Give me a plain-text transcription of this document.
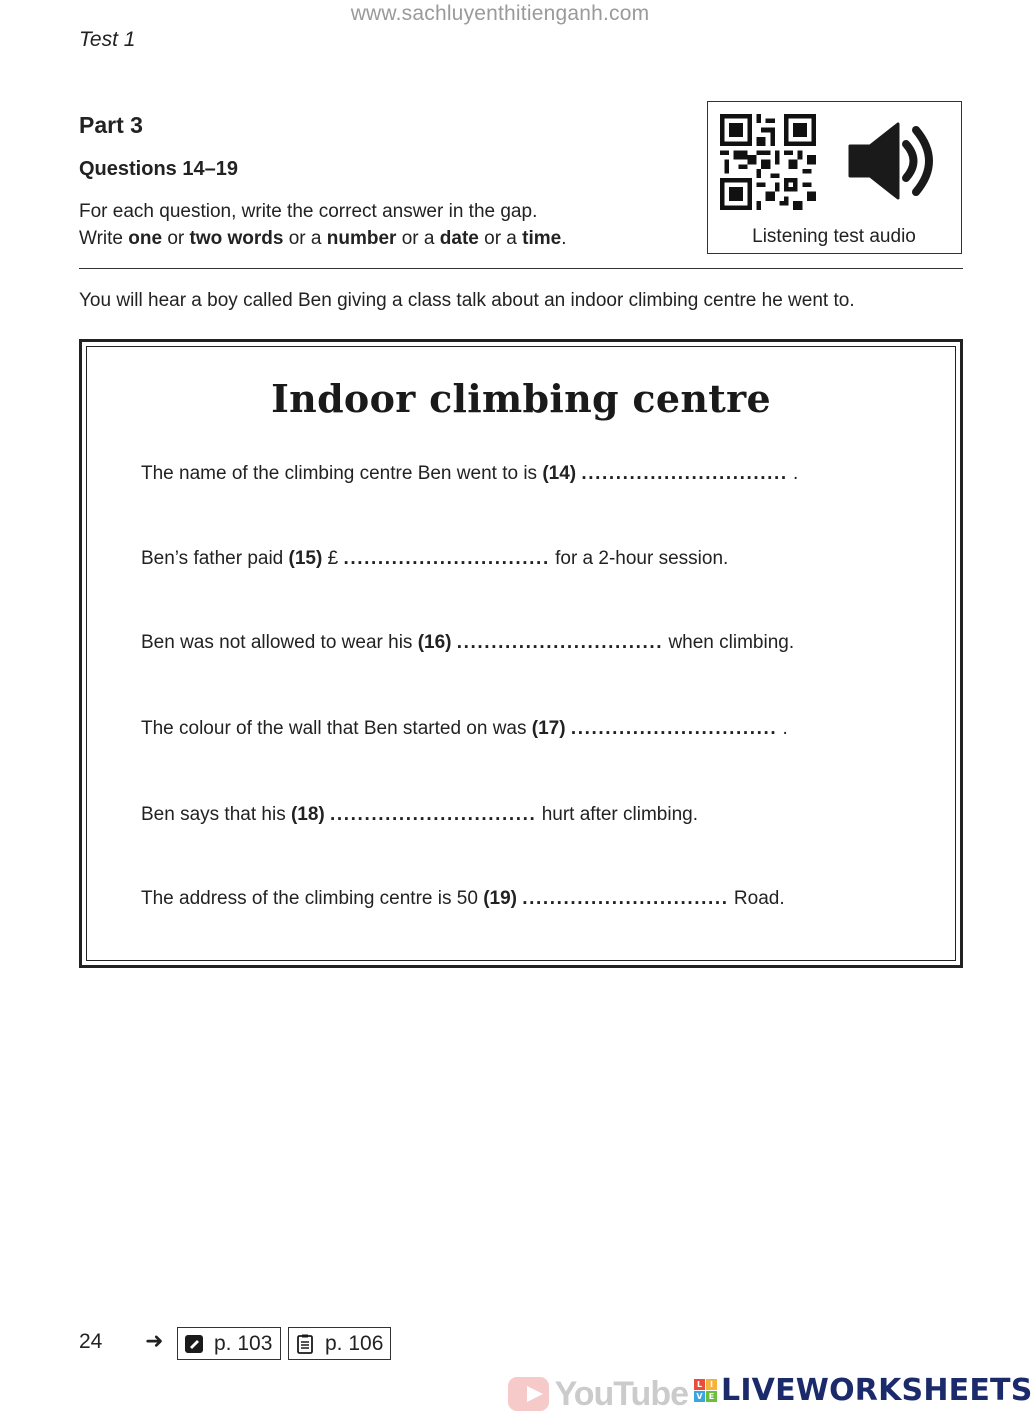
www.sachluyenthitienganh.com
Test 1
Part 3
Questions 14–19
For each question, write the correct answer in the gap.
Write one or two words or a number or a date or a time.	Listening test audio
You will hear a boy called Ben giving a class talk about an indoor climbing centre he went to.
Indoor climbing centre
The name of the climbing centre Ben went to is (14) .............................. .
Ben’s father paid (15) £ .............................. for a 2-hour session.
Ben was not allowed to wear his (16) .............................. when climbing.
The colour of the wall that Ben started on was (17) .............................. .
Ben says that his (18) .............................. hurt after climbing.
The address of the climbing centre is 50 (19) .............................. Road.
24 ➜ p. 103	p. 106
YouTube	L I
V E LIVEWORKSHEETS
